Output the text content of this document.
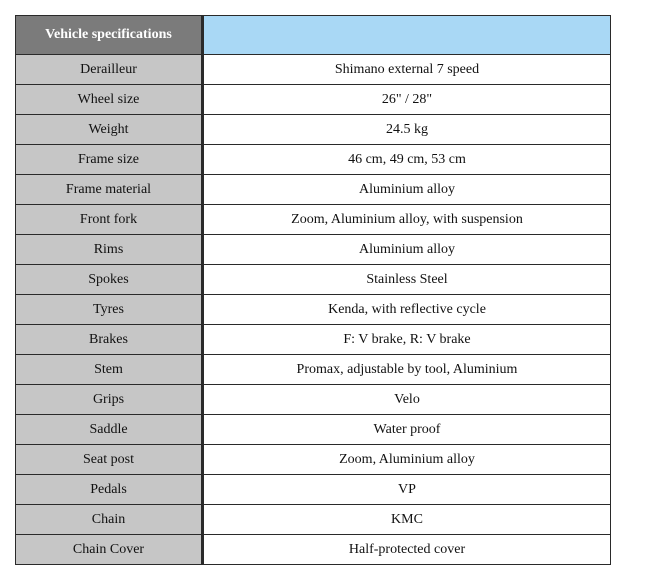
Vehicle specifications	
Derailleur	Shimano external 7 speed
Wheel size	26" / 28"
Weight	24.5 kg
Frame size	46 cm, 49 cm, 53 cm
Frame material	Aluminium alloy
Front fork	Zoom, Aluminium alloy, with suspension
Rims	Aluminium alloy
Spokes	Stainless Steel
Tyres	Kenda, with reflective cycle
Brakes	F: V brake, R: V brake
Stem	Promax, adjustable by tool, Aluminium
Grips	Velo
Saddle	Water proof
Seat post	Zoom, Aluminium alloy
Pedals	VP
Chain	KMC
Chain Cover	Half-protected cover
